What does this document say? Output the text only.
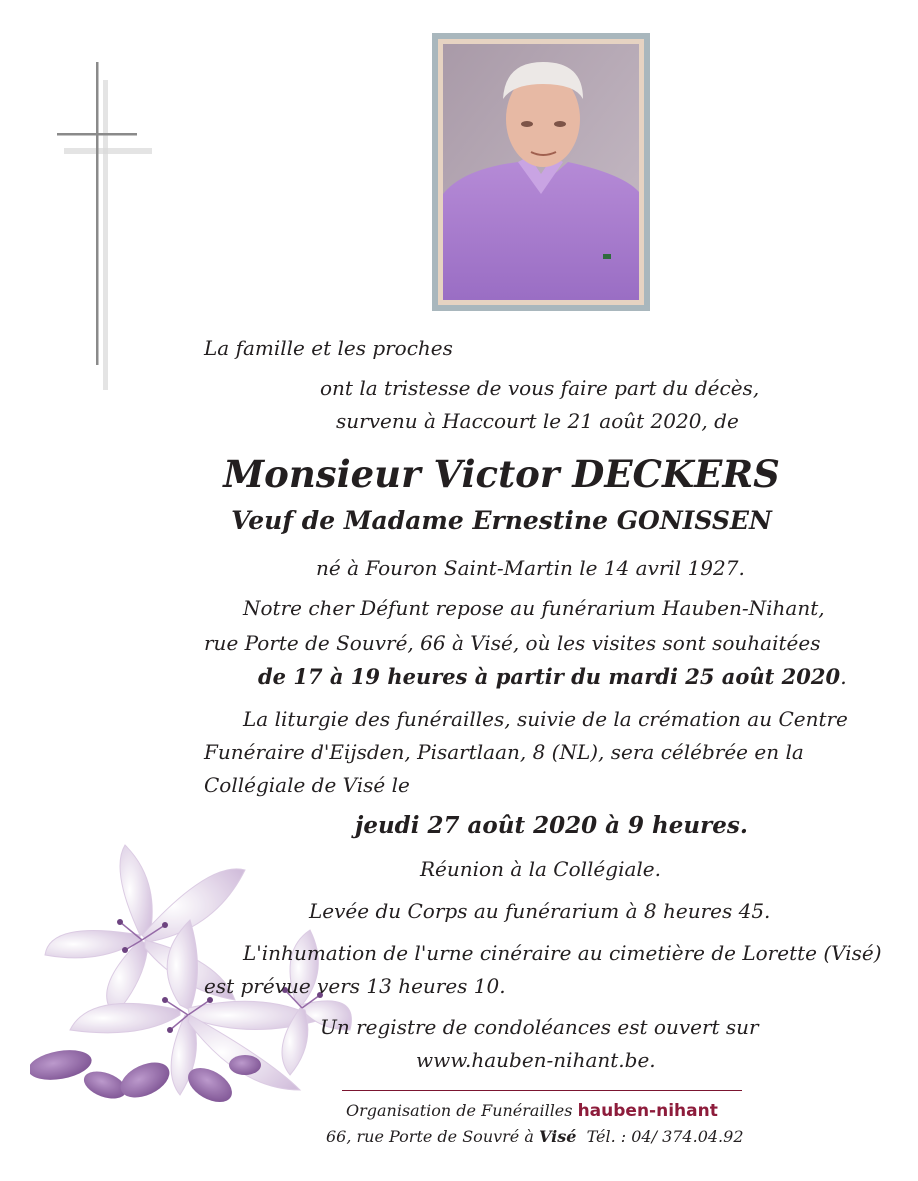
La famille et les proches
ont la tristesse de vous faire part du décès,
survenu à Haccourt le 21 août 2020, de
Monsieur Victor DECKERS
Veuf de Madame Ernestine GONISSEN
né à Fouron Saint-Martin le 14 avril 1927.
Notre cher Défunt repose au funérarium Hauben-Nihant,
rue Porte de Souvré, 66 à Visé, où les visites sont souhaitées
de 17 à 19 heures à partir du mardi 25 août 2020.
La liturgie des funérailles, suivie de la crémation au Centre
Funéraire d'Eijsden, Pisartlaan, 8 (NL), sera célébrée en la
Collégiale de Visé le
jeudi 27 août 2020 à 9 heures.
Réunion à la Collégiale.
Levée du Corps au funérarium à 8 heures 45.
L'inhumation de l'urne cinéraire au cimetière de Lorette (Visé)
est prévue vers 13 heures 10.
Un registre de condoléances est ouvert sur
www.hauben-nihant.be.
Organisation de Funérailles hauben-nihant
66, rue Porte de Souvré à Visé Tél. : 04/ 374.04.92
